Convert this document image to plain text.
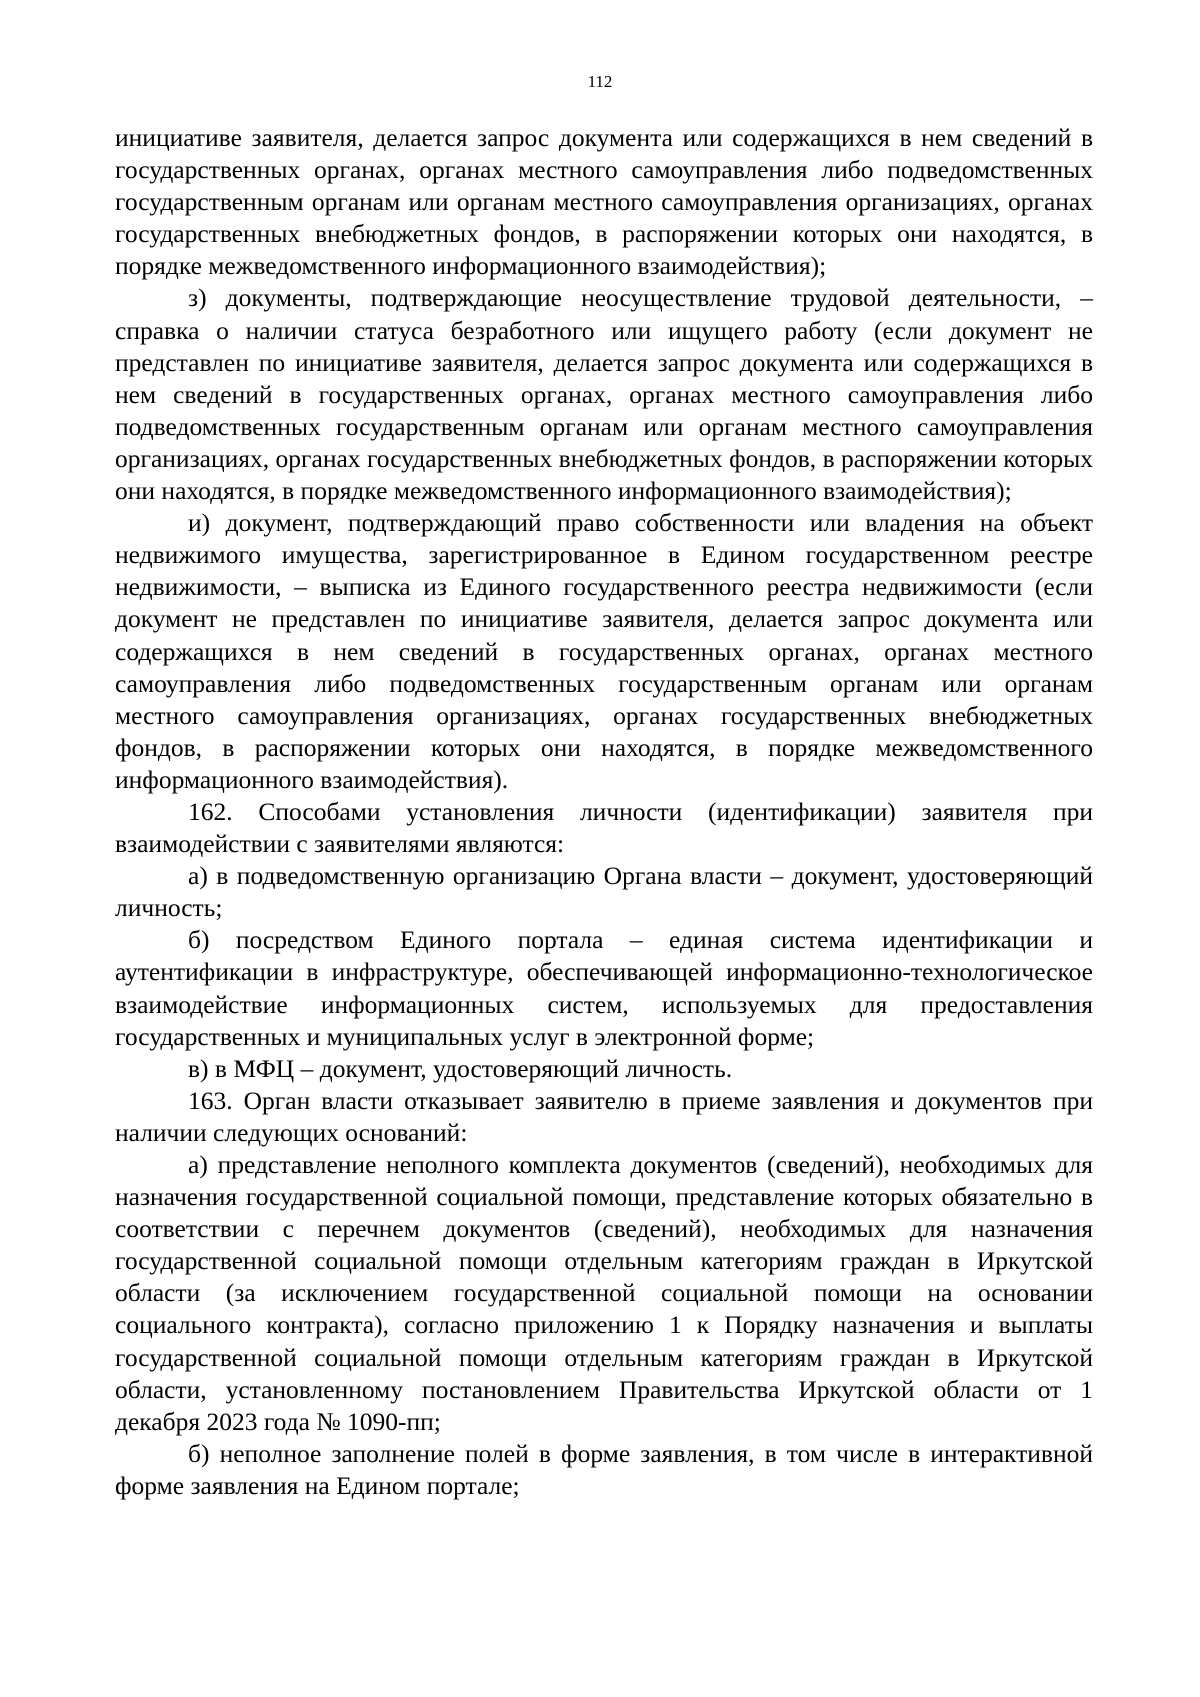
112

инициативе заявителя, делается запрос документа или содержащихся в нем сведений в государственных органах, органах местного самоуправления либо подведомственных государственным органам или органам местного самоуправления организациях, органах государственных внебюджетных фондов, в распоряжении которых они находятся, в порядке межведомственного информационного взаимодействия);

з) документы, подтверждающие неосуществление трудовой деятельности, – справка о наличии статуса безработного или ищущего работу (если документ не представлен по инициативе заявителя, делается запрос документа или содержащихся в нем сведений в государственных органах, органах местного самоуправления либо подведомственных государственным органам или органам местного самоуправления организациях, органах государственных внебюджетных фондов, в распоряжении которых они находятся, в порядке межведомственного информационного взаимодействия);

и) документ, подтверждающий право собственности или владения на объект недвижимого имущества, зарегистрированное в Едином государственном реестре недвижимости, – выписка из Единого государственного реестра недвижимости (если документ не представлен по инициативе заявителя, делается запрос документа или содержащихся в нем сведений в государственных органах, органах местного самоуправления либо подведомственных государственным органам или органам местного самоуправления организациях, органах государственных внебюджетных фондов, в распоряжении которых они находятся, в порядке межведомственного информационного взаимодействия).

162. Способами установления личности (идентификации) заявителя при взаимодействии с заявителями являются:

а) в подведомственную организацию Органа власти – документ, удостоверяющий личность;

б) посредством Единого портала – единая система идентификации и аутентификации в инфраструктуре, обеспечивающей информационно-технологическое взаимодействие информационных систем, используемых для предоставления государственных и муниципальных услуг в электронной форме;

в) в МФЦ – документ, удостоверяющий личность.

163. Орган власти отказывает заявителю в приеме заявления и документов при наличии следующих оснований:

а) представление неполного комплекта документов (сведений), необходимых для назначения государственной социальной помощи, представление которых обязательно в соответствии с перечнем документов (сведений), необходимых для назначения государственной социальной помощи отдельным категориям граждан в Иркутской области (за исключением государственной социальной помощи на основании социального контракта), согласно приложению 1 к Порядку назначения и выплаты государственной социальной помощи отдельным категориям граждан в Иркутской области, установленному постановлением Правительства Иркутской области от 1 декабря 2023 года № 1090-пп;

б) неполное заполнение полей в форме заявления, в том числе в интерактивной форме заявления на Едином портале;
